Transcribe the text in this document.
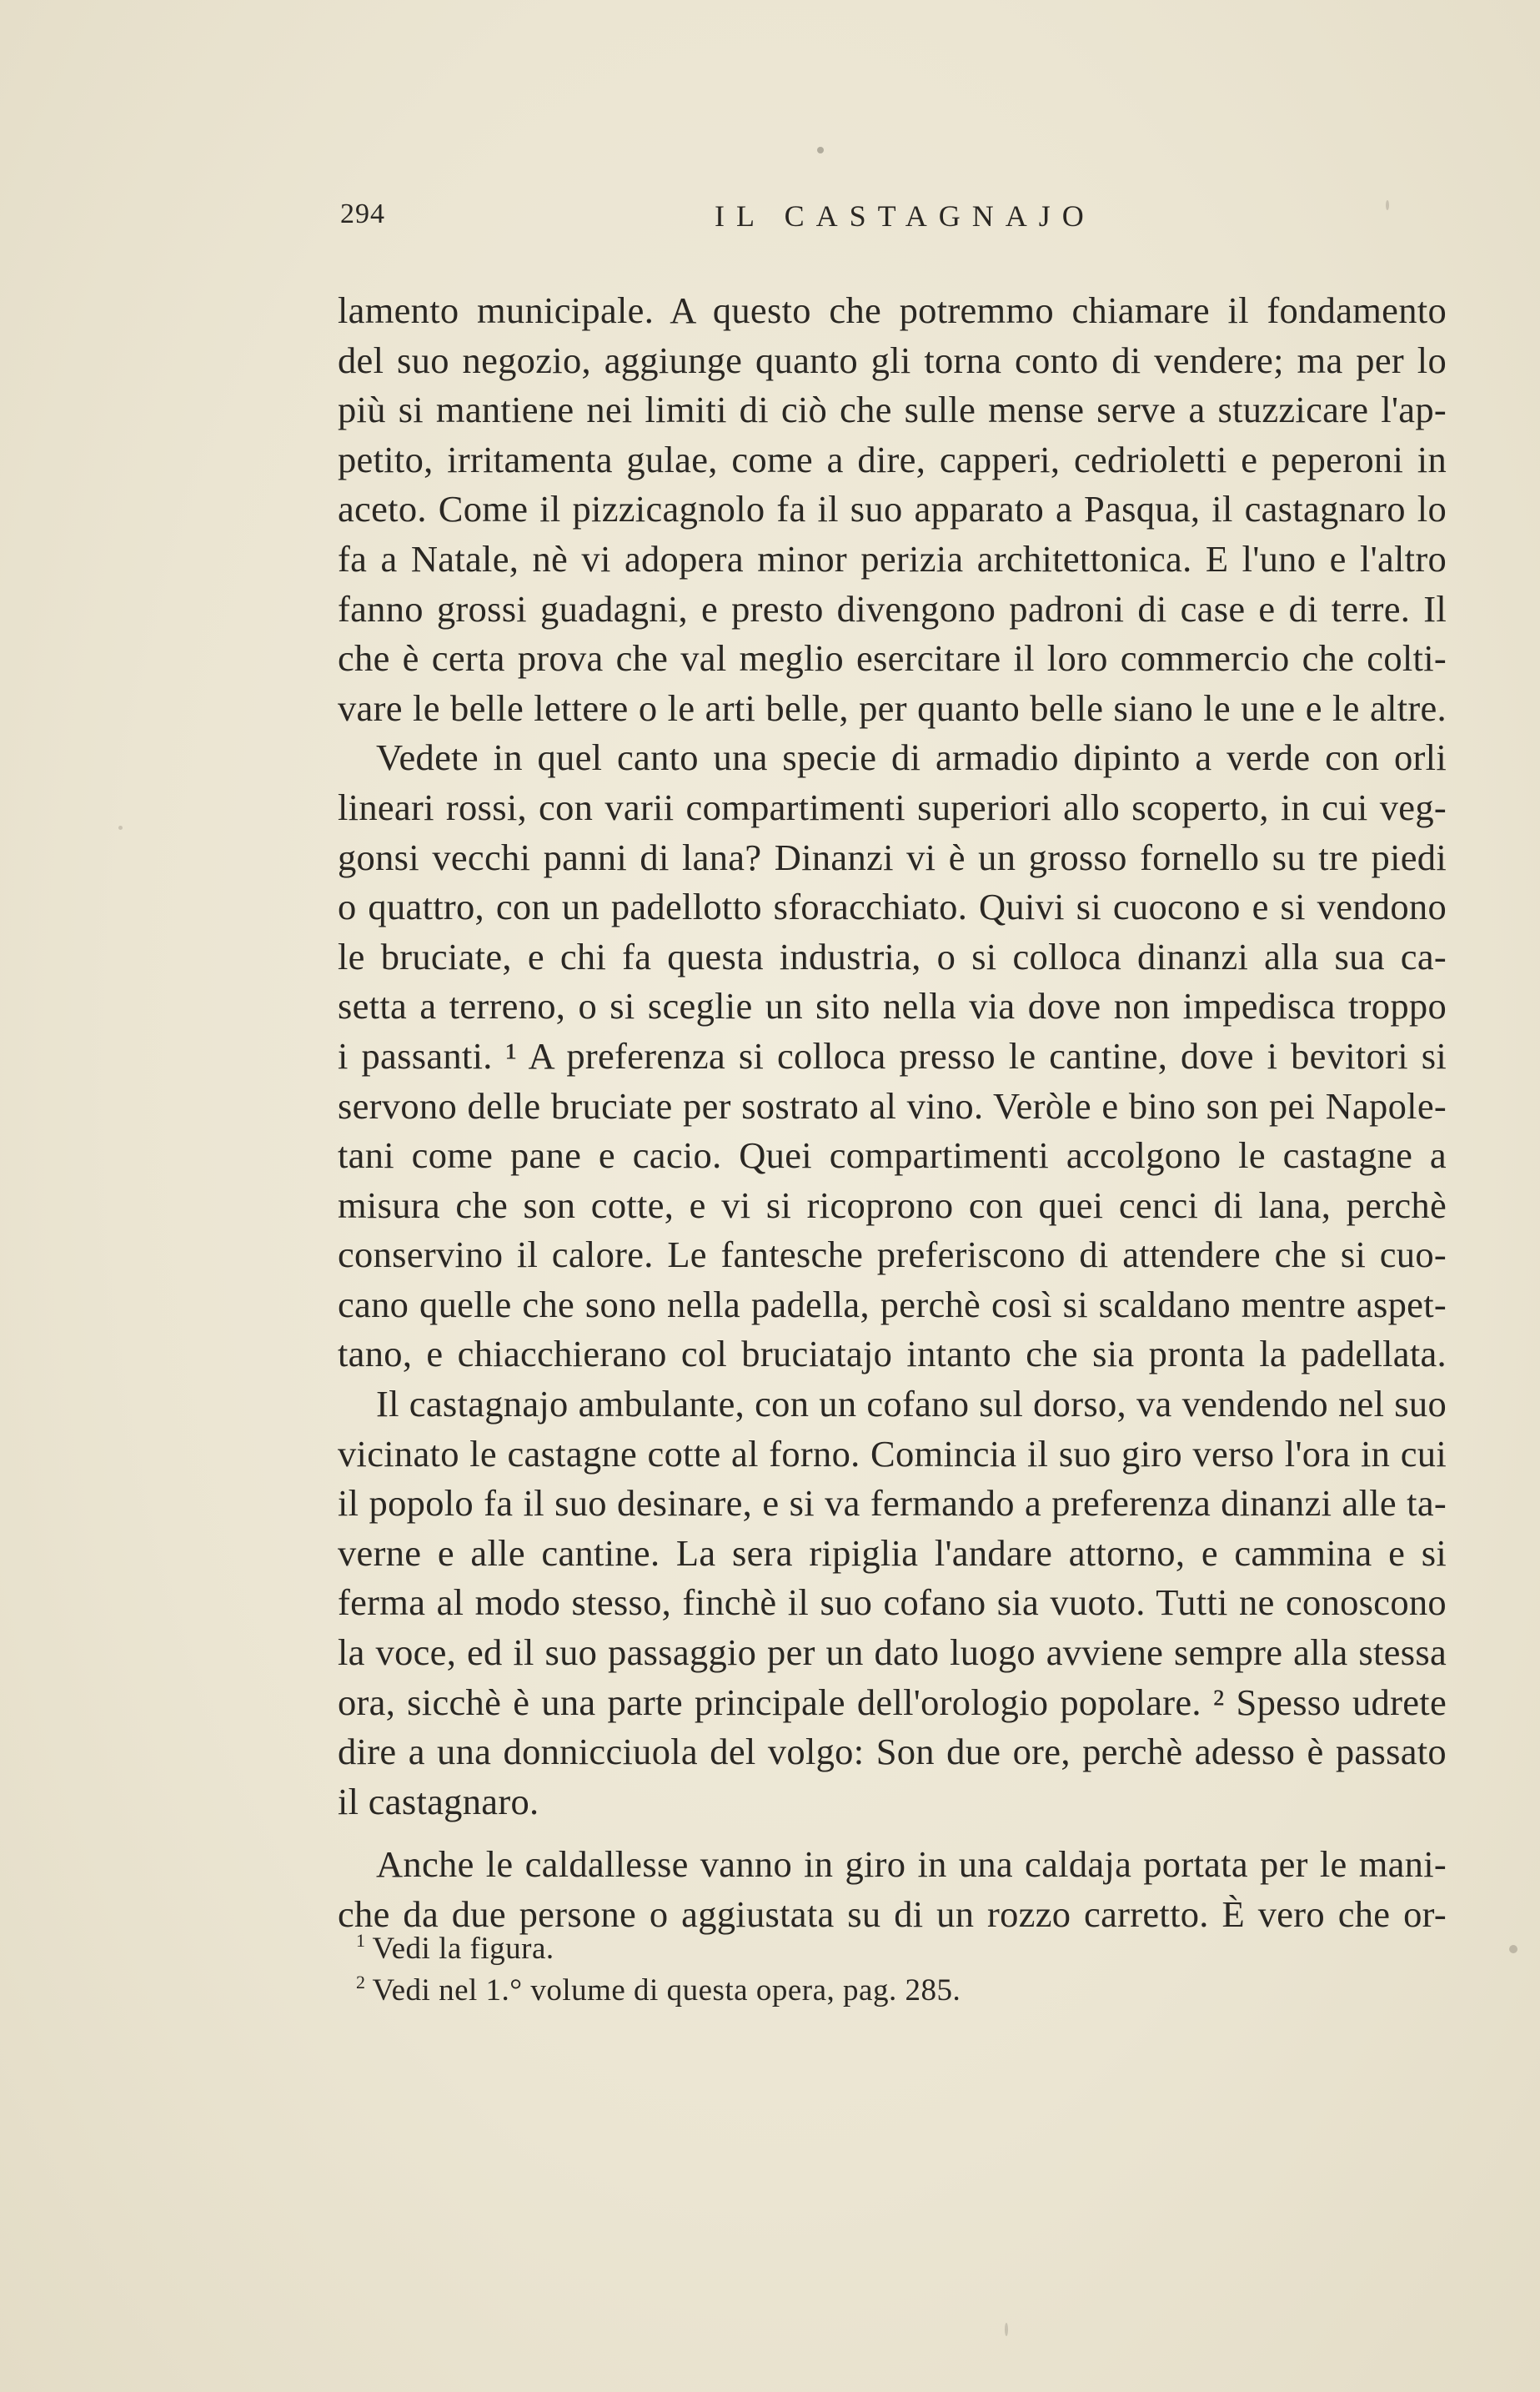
294	IL CASTAGNAJO
lamento municipale. A questo che potremmo chiamare il fondamento
del suo negozio, aggiunge quanto gli torna conto di vendere; ma per lo
più si mantiene nei limiti di ciò che sulle mense serve a stuzzicare l'ap-
petito, irritamenta gulae, come a dire, capperi, cedrioletti e peperoni in
aceto. Come il pizzicagnolo fa il suo apparato a Pasqua, il castagnaro lo
fa a Natale, nè vi adopera minor perizia architettonica. E l'uno e l'altro
fanno grossi guadagni, e presto divengono padroni di case e di terre. Il
che è certa prova che val meglio esercitare il loro commercio che colti-
vare le belle lettere o le arti belle, per quanto belle siano le une e le altre.
Vedete in quel canto una specie di armadio dipinto a verde con orli
lineari rossi, con varii compartimenti superiori allo scoperto, in cui veg-
gonsi vecchi panni di lana? Dinanzi vi è un grosso fornello su tre piedi
o quattro, con un padellotto sforacchiato. Quivi si cuocono e si vendono
le bruciate, e chi fa questa industria, o si colloca dinanzi alla sua ca-
setta a terreno, o si sceglie un sito nella via dove non impedisca troppo
i passanti. ¹ A preferenza si colloca presso le cantine, dove i bevitori si
servono delle bruciate per sostrato al vino. Veròle e bino son pei Napole-
tani come pane e cacio. Quei compartimenti accolgono le castagne a
misura che son cotte, e vi si ricoprono con quei cenci di lana, perchè
conservino il calore. Le fantesche preferiscono di attendere che si cuo-
cano quelle che sono nella padella, perchè così si scaldano mentre aspet-
tano, e chiacchierano col bruciatajo intanto che sia pronta la padellata.
Il castagnajo ambulante, con un cofano sul dorso, va vendendo nel suo
vicinato le castagne cotte al forno. Comincia il suo giro verso l'ora in cui
il popolo fa il suo desinare, e si va fermando a preferenza dinanzi alle ta-
verne e alle cantine. La sera ripiglia l'andare attorno, e cammina e si
ferma al modo stesso, finchè il suo cofano sia vuoto. Tutti ne conoscono
la voce, ed il suo passaggio per un dato luogo avviene sempre alla stessa
ora, sicchè è una parte principale dell'orologio popolare. ² Spesso udrete
dire a una donnicciuola del volgo: Son due ore, perchè adesso è passato
il castagnaro.
Anche le caldallesse vanno in giro in una caldaja portata per le mani-
che da due persone o aggiustata su di un rozzo carretto. È vero che or-
$^1$ Vedi la figura.
$^2$ Vedi nel 1.° volume di questa opera, pag. 285.
